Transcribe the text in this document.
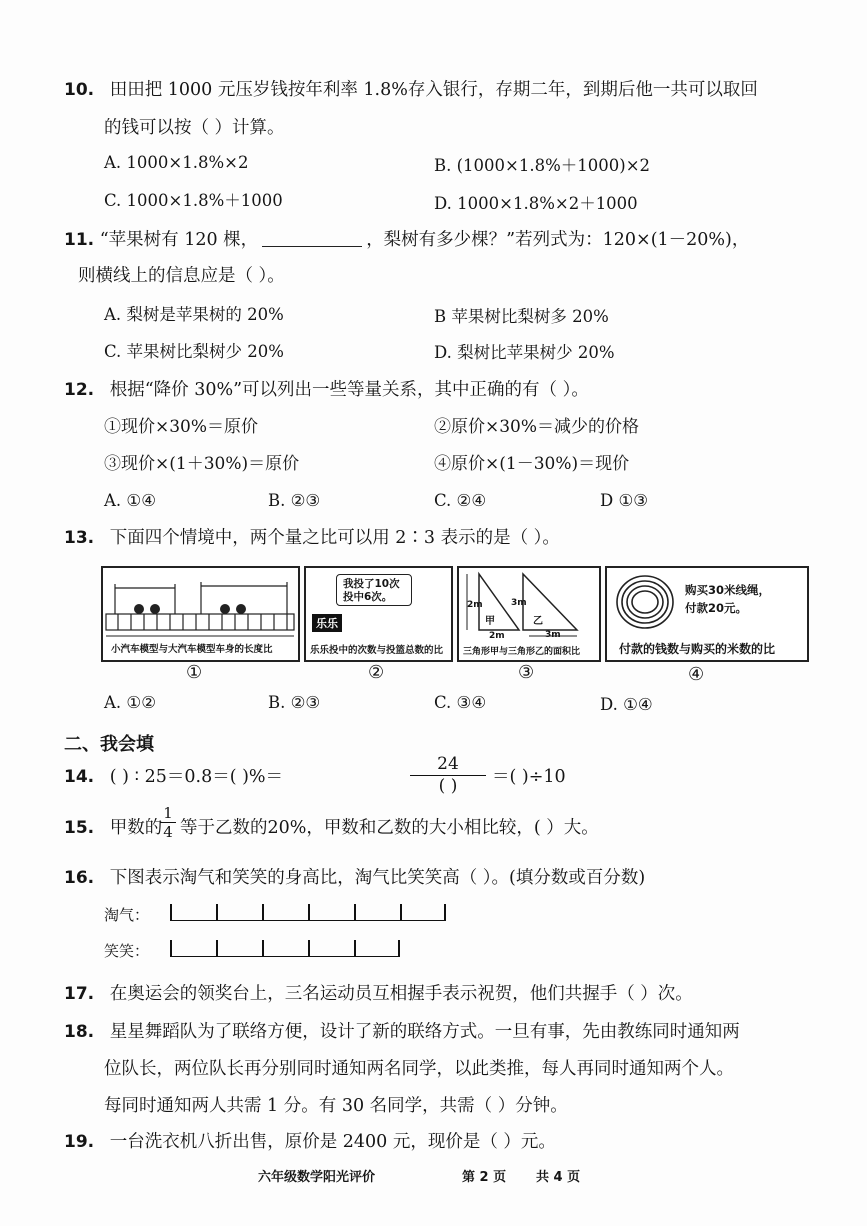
10. 田田把 1000 元压岁钱按年利率 1.8%存入银行，存期二年，到期后他一共可以取回
的钱可以按（ ）计算。
A. 1000×1.8%×2	B. (1000×1.8%＋1000)×2
C. 1000×1.8%＋1000	D. 1000×1.8%×2＋1000
11. “苹果树有 120 棵，	，梨树有多少棵？”若列式为：120×(1－20%)，
则横线上的信息应是（ ）。
A. 梨树是苹果树的 20%	B 苹果树比梨树多 20%
C. 苹果树比梨树少 20%	D. 梨树比苹果树少 20%
12. 根据“降价 30%”可以列出一些等量关系，其中正确的有（ ）。
①现价×30%＝原价	②原价×30%＝减少的价格
③现价×(1＋30%)＝原价	④原价×(1－30%)＝现价
A. ①④	B. ②③	C. ②④	D ①③
13. 下面四个情境中，两个量之比可以用 2∶3 表示的是（ ）。
小汽车模型与大汽车模型车身的长度比
我投了10次
投中6次。
乐乐
乐乐投中的次数与投篮总数的比
2m
2m
甲
3m
3m
乙
三角形甲与三角形乙的面积比
购买30米线绳，
付款20元。
付款的钱数与购买的米数的比
①	②	③	④
A. ①②	B. ②③	C. ③④	D. ①④
二、我会填
14. ( ) ∶ 25＝0.8＝( )%＝
24
( )	＝( )÷10
15. 甲数的
$\frac{1}{4}$ 等于乙数的20%，甲数和乙数的大小相比较，( ）大。
16. 下图表示淘气和笑笑的身高比，淘气比笑笑高（ ）。(填分数或百分数)
淘气：
笑笑：
17. 在奥运会的领奖台上，三名运动员互相握手表示祝贺，他们共握手（ ）次。
18. 星星舞蹈队为了联络方便，设计了新的联络方式。一旦有事，先由教练同时通知两
位队长，两位队长再分别同时通知两名同学，以此类推，每人再同时通知两个人。
每同时通知两人共需 1 分。有 30 名同学，共需（ ）分钟。
19. 一台洗衣机八折出售，原价是 2400 元，现价是（ ）元。
六年级数学阳光评价	第 2 页 共 4 页
